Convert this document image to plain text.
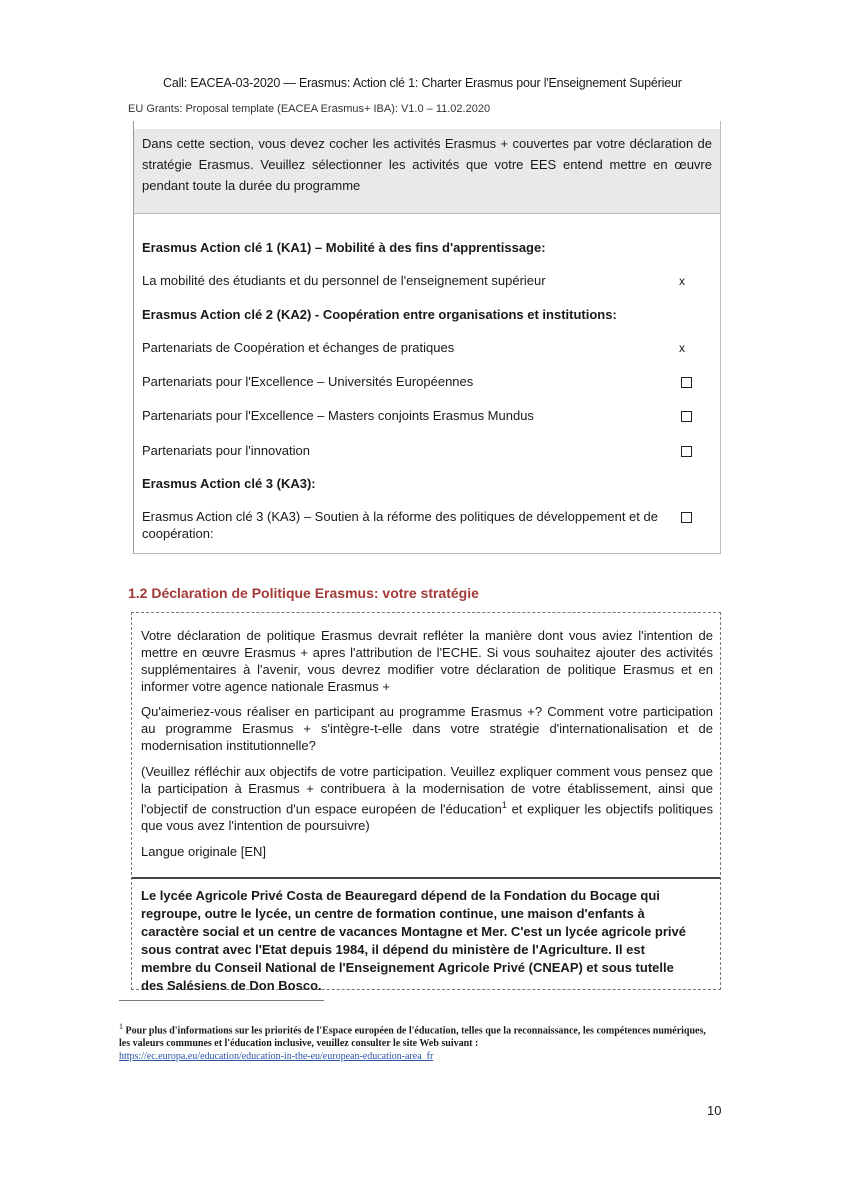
Call: EACEA-03-2020 — Erasmus: Action clé 1: Charter Erasmus pour l'Enseignement Supérieur
EU Grants: Proposal template (EACEA Erasmus+ IBA): V1.0 – 11.02.2020
Dans cette section, vous devez cocher les activités Erasmus + couvertes par votre déclaration de stratégie Erasmus. Veuillez sélectionner les activités que votre EES entend mettre en œuvre pendant toute la durée du programme
Erasmus Action clé 1 (KA1) – Mobilité à des fins d'apprentissage:
La mobilité des étudiants et du personnel de l'enseignement supérieur	x
Erasmus Action clé 2 (KA2) - Coopération entre organisations et institutions:
Partenariats de Coopération et échanges de pratiques	x
Partenariats pour l'Excellence – Universités Européennes
Partenariats pour l'Excellence – Masters conjoints Erasmus Mundus
Partenariats pour l'innovation
Erasmus Action clé 3 (KA3):
Erasmus Action clé 3 (KA3) – Soutien à la réforme des politiques de développement et de coopération:
1.2 Déclaration de Politique Erasmus: votre stratégie
Votre déclaration de politique Erasmus devrait refléter la manière dont vous aviez l'intention de mettre en œuvre Erasmus + apres l'attribution de l'ECHE. Si vous souhaitez ajouter des activités supplémentaires à l'avenir, vous devrez modifier votre déclaration de politique Erasmus et en informer votre agence nationale Erasmus +
Qu'aimeriez-vous réaliser en participant au programme Erasmus +? Comment votre participation au programme Erasmus + s'intègre-t-elle dans votre stratégie d'internationalisation et de modernisation institutionnelle?
(Veuillez réfléchir aux objectifs de votre participation. Veuillez expliquer comment vous pensez que la participation à Erasmus + contribuera à la modernisation de votre établissement, ainsi que l'objectif de construction d'un espace européen de l'éducation$^1$ et expliquer les objectifs politiques que vous avez l'intention de poursuivre)
Langue originale [EN]
Le lycée Agricole Privé Costa de Beauregard dépend de la Fondation du Bocage qui regroupe, outre le lycée, un centre de formation continue, une maison d'enfants à caractère social et un centre de vacances Montagne et Mer. C'est un lycée agricole privé sous contrat avec l'Etat depuis 1984, il dépend du ministère de l'Agriculture. Il est membre du Conseil National de l'Enseignement Agricole Privé (CNEAP) et sous tutelle des Salésiens de Don Bosco.
$^1$ Pour plus d'informations sur les priorités de l'Espace européen de l'éducation, telles que la reconnaissance, les compétences numériques, les valeurs communes et l'éducation inclusive, veuillez consulter le site Web suivant :
https://ec.europa.eu/education/education-in-the-eu/european-education-area_fr
10
